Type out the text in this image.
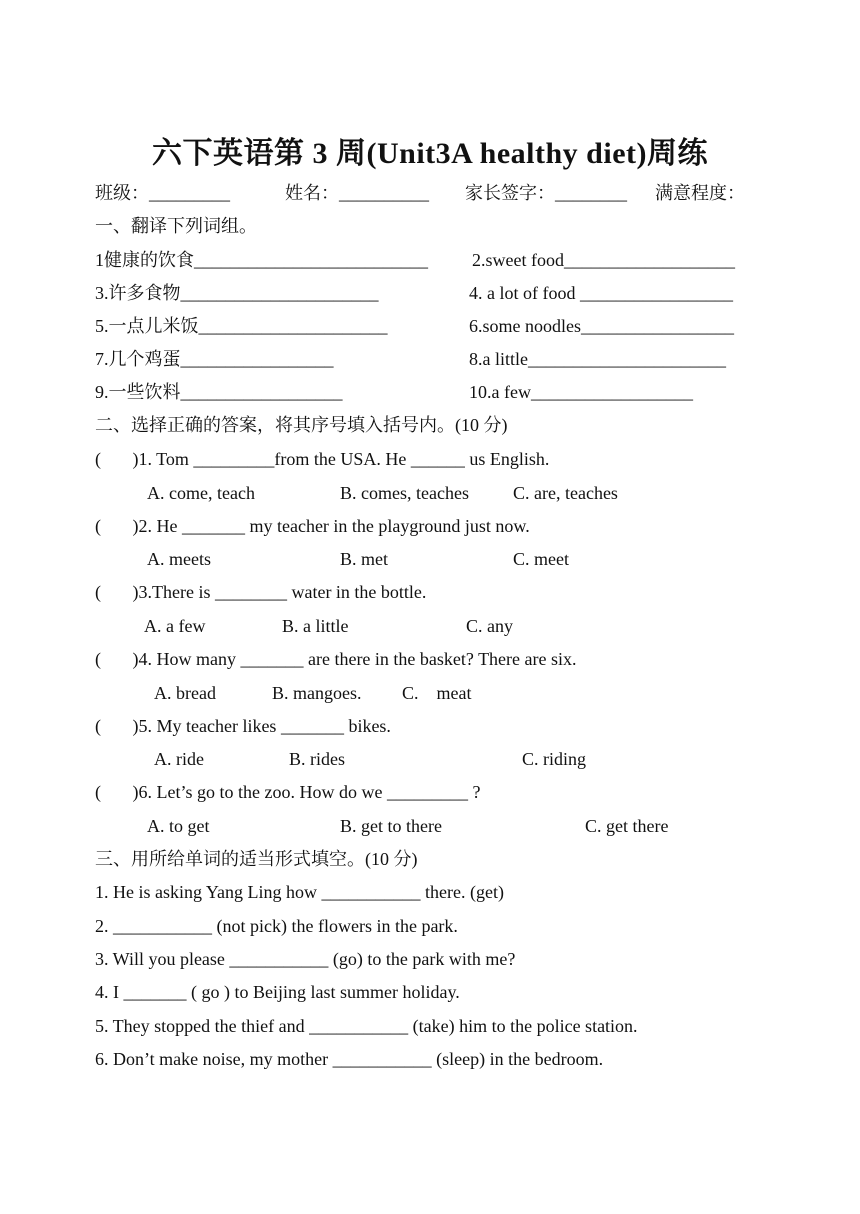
六下英语第 3 周(Unit3A healthy diet)周练
班级：_________	姓名：__________ 家长签字：________ 满意程度：
一、翻译下列词组。
1健康的饮食__________________________ 2.sweet food___________________
3.许多食物______________________	4. a lot of food _________________
5.一点儿米饭_____________________	6.some noodles_________________
7.几个鸡蛋_________________	8.a little______________________
9.一些饮料__________________	10.a few__________________
二、选择正确的答案，将其序号填入括号内。(10 分)
(       )1. Tom _________from the USA. He ______ us English.
A. come, teach	B. comes, teaches C. are, teaches
(       )2. He _______ my teacher in the playground just now.
A. meets	B. met	C. meet
(       )3.There is ________ water in the bottle.
A. a few	B. a little	C. any
(       )4. How many _______ are there in the basket? There are six.
A. bread	B. mangoes. C.    meat
(       )5. My teacher likes _______ bikes.
A. ride	B. rides	C. riding
(       )6. Let’s go to the zoo. How do we _________ ?
A. to get	B. get to there	C. get there
三、用所给单词的适当形式填空。(10 分)
1. He is asking Yang Ling how ___________ there. (get)
2. ___________ (not pick) the flowers in the park.
3. Will you please ___________ (go) to the park with me?
4. I _______ ( go ) to Beijing last summer holiday.
5. They stopped the thief and ___________ (take) him to the police station.
6. Don’t make noise, my mother ___________ (sleep) in the bedroom.
